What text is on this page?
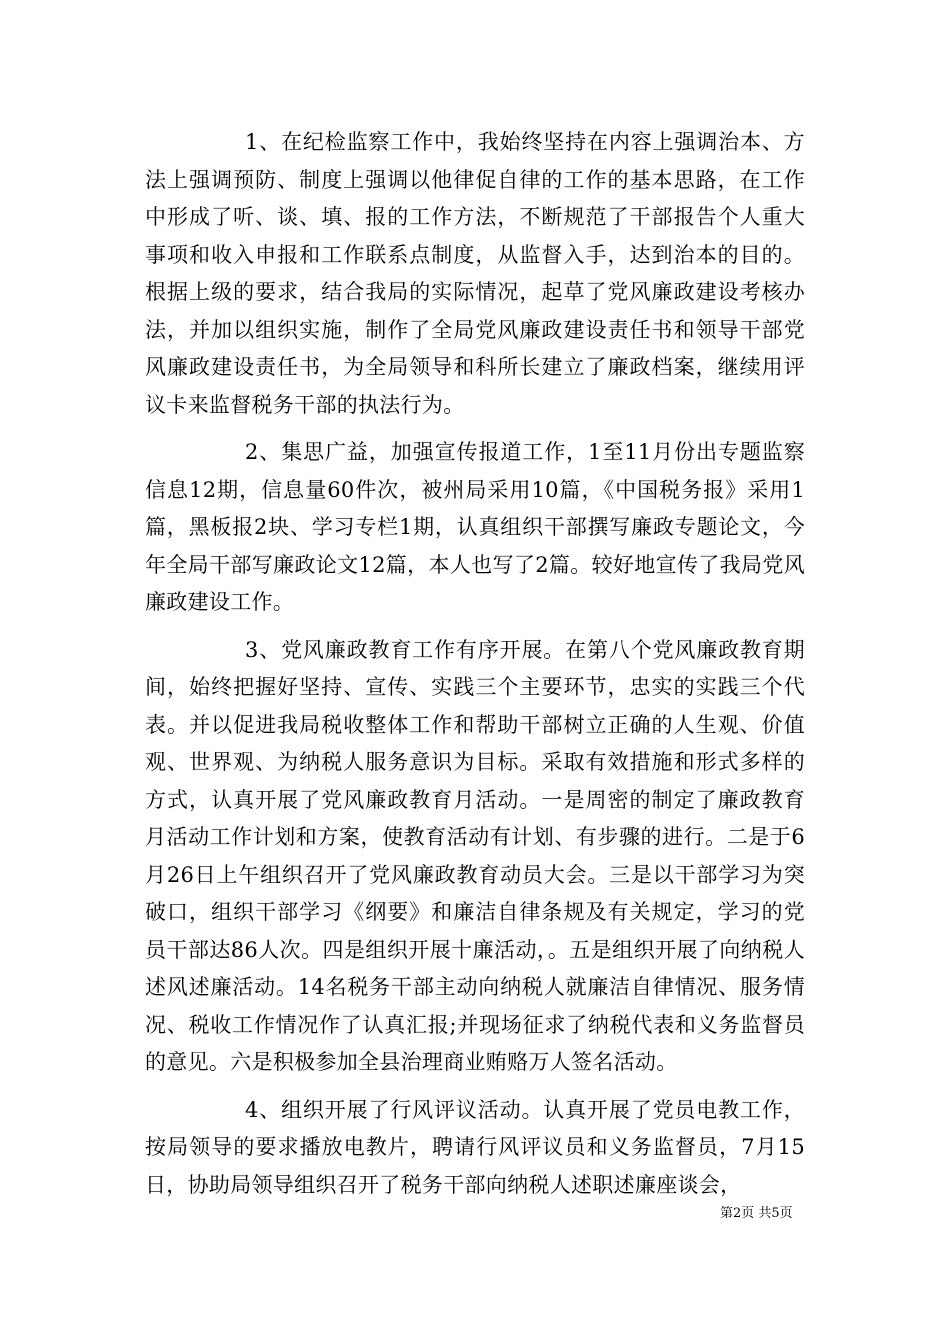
1、在纪检监察工作中，我始终坚持在内容上强调治本、方法上强调预防、制度上强调以他律促自律的工作的基本思路，在工作中形成了听、谈、填、报的工作方法，不断规范了干部报告个人重大事项和收入申报和工作联系点制度，从监督入手，达到治本的目的。根据上级的要求，结合我局的实际情况，起草了党风廉政建设考核办法，并加以组织实施，制作了全局党风廉政建设责任书和领导干部党风廉政建设责任书，为全局领导和科所长建立了廉政档案，继续用评议卡来监督税务干部的执法行为。

2、集思广益，加强宣传报道工作，1至11月份出专题监察信息12期，信息量60件次，被州局采用10篇，《中国税务报》采用1篇，黑板报2块、学习专栏1期，认真组织干部撰写廉政专题论文，今年全局干部写廉政论文12篇，本人也写了2篇。较好地宣传了我局党风廉政建设工作。

3、党风廉政教育工作有序开展。在第八个党风廉政教育期间，始终把握好坚持、宣传、实践三个主要环节，忠实的实践三个代表。并以促进我局税收整体工作和帮助干部树立正确的人生观、价值观、世界观、为纳税人服务意识为目标。采取有效措施和形式多样的方式，认真开展了党风廉政教育月活动。一是周密的制定了廉政教育月活动工作计划和方案，使教育活动有计划、有步骤的进行。二是于6月26日上午组织召开了党风廉政教育动员大会。三是以干部学习为突破口，组织干部学习《纲要》和廉洁自律条规及有关规定，学习的党员干部达86人次。四是组织开展十廉活动，。五是组织开展了向纳税人述风述廉活动。14名税务干部主动向纳税人就廉洁自律情况、服务情况、税收工作情况作了认真汇报;并现场征求了纳税代表和义务监督员的意见。六是积极参加全县治理商业贿赂万人签名活动。

4、组织开展了行风评议活动。认真开展了党员电教工作，按局领导的要求播放电教片，聘请行风评议员和义务监督员，7月15日，协助局领导组织召开了税务干部向纳税人述职述廉座谈会，

第2页 共5页
